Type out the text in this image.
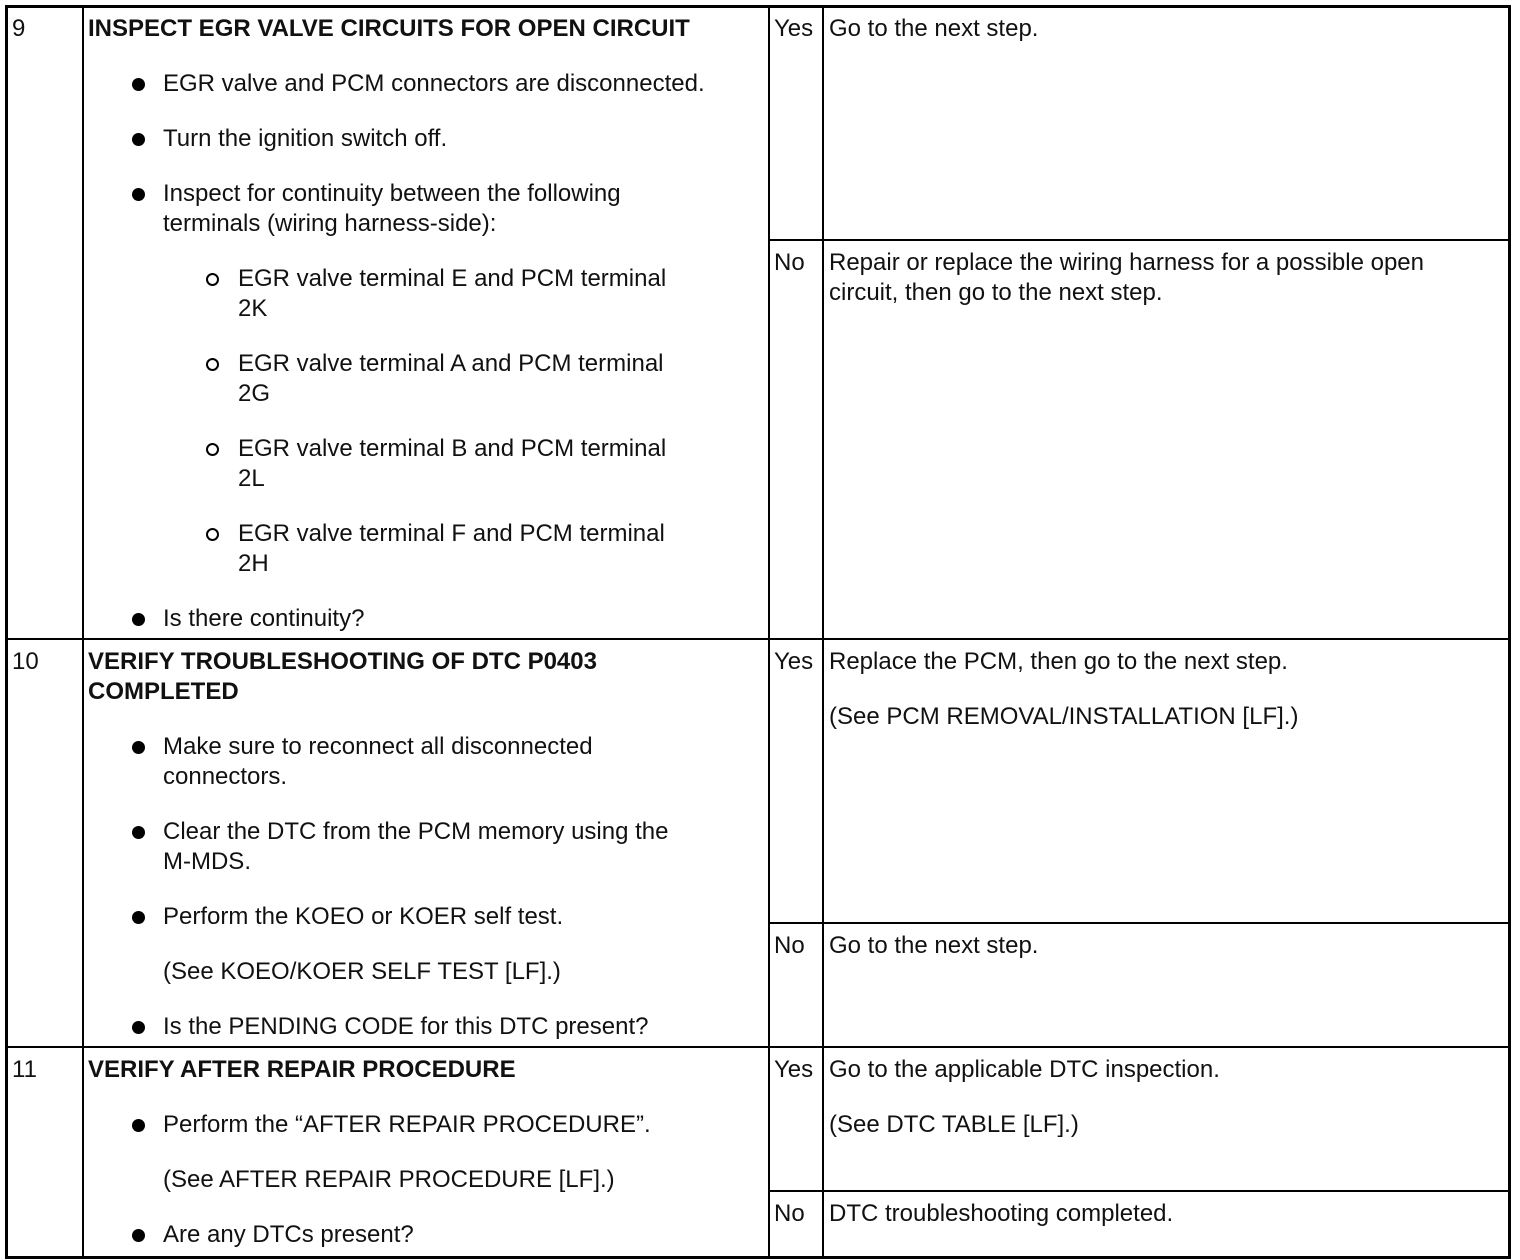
9	INSPECT EGR VALVE CIRCUITS FOR OPEN CIRCUIT
EGR valve and PCM connectors are disconnected.
Turn the ignition switch off.
Inspect for continuity between the following
terminals (wiring harness-side):
EGR valve terminal E and PCM terminal
2K
EGR valve terminal A and PCM terminal
2G
EGR valve terminal B and PCM terminal
2L
EGR valve terminal F and PCM terminal
2H
Is there continuity?
Yes Go to the next step.
No Repair or replace the wiring harness for a possible open
circuit, then go to the next step.
10 VERIFY TROUBLESHOOTING OF DTC P0403
COMPLETED
Make sure to reconnect all disconnected
connectors.
Clear the DTC from the PCM memory using the
M-MDS.
Perform the KOEO or KOER self test.
(See KOEO/KOER SELF TEST [LF].)
Is the PENDING CODE for this DTC present?
Yes Replace the PCM, then go to the next step.
(See PCM REMOVAL/INSTALLATION [LF].)
No Go to the next step.
11 VERIFY AFTER REPAIR PROCEDURE
Perform the “AFTER REPAIR PROCEDURE”.
(See AFTER REPAIR PROCEDURE [LF].)
Are any DTCs present?
Yes Go to the applicable DTC inspection.
(See DTC TABLE [LF].)
No DTC troubleshooting completed.
